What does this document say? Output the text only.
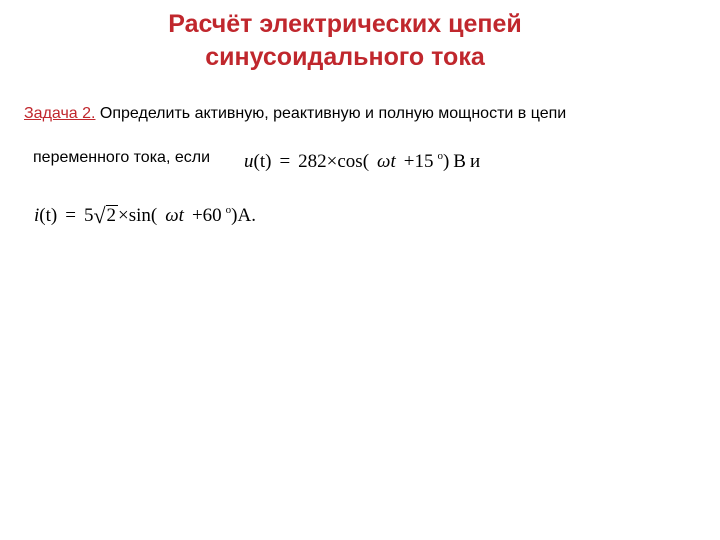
Расчёт электрических цепей
синусоидального тока
Задача 2. Определить активную, реактивную и полную мощности в цепи
переменного тока, если u(t) = 282×cos( ωt +15 $^o$) В и
i(t) = 5√2 ×sin( ωt +60 $^o$)А.
